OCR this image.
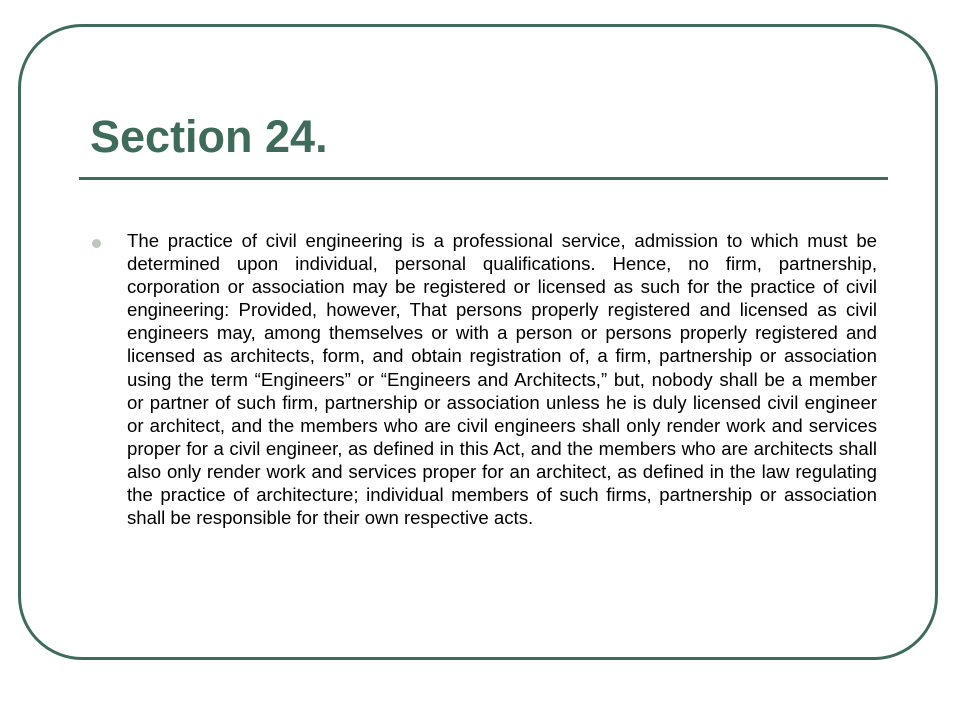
Section 24.

The practice of civil engineering is a professional service, admission to which must be determined upon individual, personal qualifications. Hence, no firm, partnership, corporation or association may be registered or licensed as such for the practice of civil engineering: Provided, however, That persons properly registered and licensed as civil engineers may, among themselves or with a person or persons properly registered and licensed as architects, form, and obtain registration of, a firm, partnership or association using the term “Engineers” or “Engineers and Architects,” but, nobody shall be a member or partner of such firm, partnership or association unless he is duly licensed civil engineer or architect, and the members who are civil engineers shall only render work and services proper for a civil engineer, as defined in this Act, and the members who are architects shall also only render work and services proper for an architect, as defined in the law regulating the practice of architecture; individual members of such firms, partnership or association shall be responsible for their own respective acts.
